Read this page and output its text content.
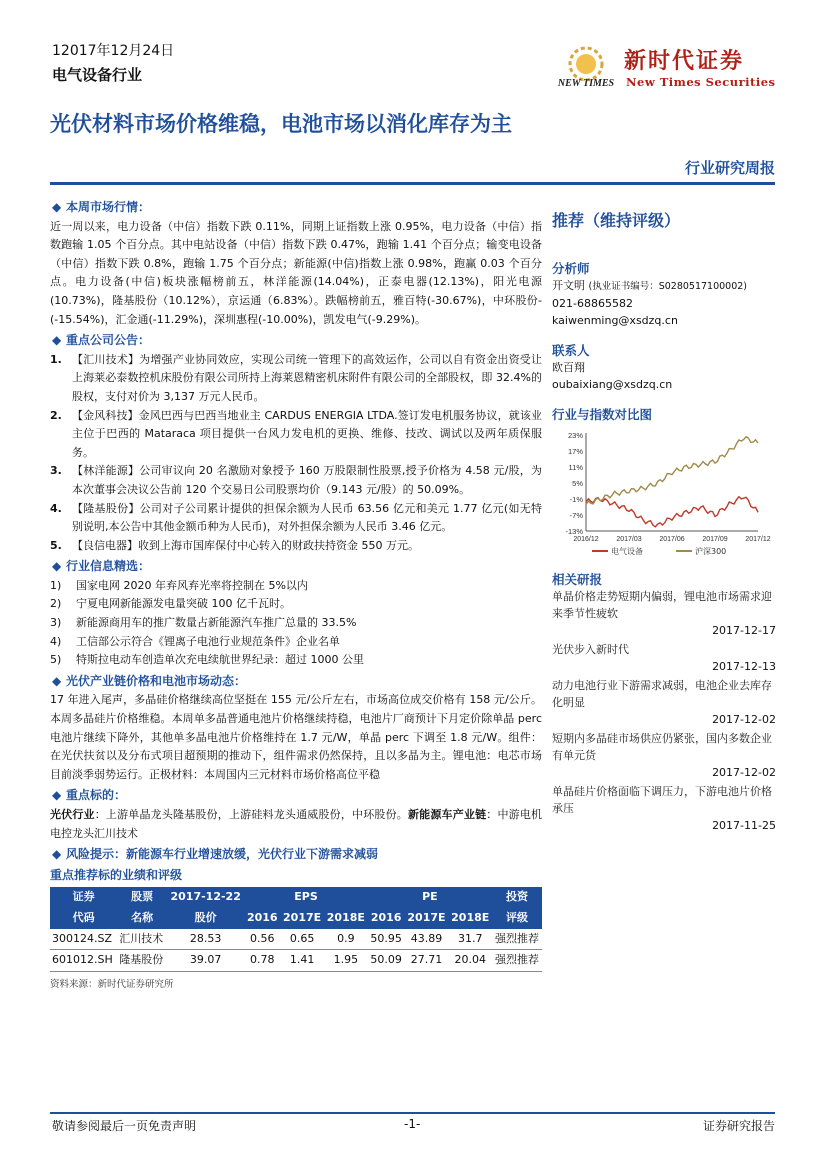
12017年12月24日
电气设备行业	NEW TIMES
新时代证券
New Times Securities
光伏材料市场价格维稳，电池市场以消化库存为主
行业研究周报
◆ 本周市场行情：

近一周以来，电力设备（中信）指数下跌 0.11%，同期上证指数上涨 0.95%，电力设备（中信）指数跑输 1.05 个百分点。其中电站设备（中信）指数下跌 0.47%，跑输 1.41 个百分点；输变电设备（中信）指数下跌 0.8%，跑输 1.75 个百分点；新能源(中信)指数上涨 0.98%，跑赢 0.03 个百分点。电力设备(中信)板块涨幅榜前五，林洋能源(14.04%)，正泰电器(12.13%)，阳光电源(10.73%)，隆基股份（10.12%），京运通（6.83%）。跌幅榜前五，雅百特(-30.67%)，中环股份-(-15.54%)，汇金通(-11.29%)，深圳惠程(-10.00%)，凯发电气(-9.29%)。

◆ 重点公司公告：
1. 【汇川技术】为增强产业协同效应，实现公司统一管理下的高效运作，公司以自有资金出资受让上海莱必泰数控机床股份有限公司所持上海莱恩精密机床附件有限公司的全部股权，即 32.4%的股权，支付对价为 3,137 万元人民币。
2. 【金风科技】金风巴西与巴西当地业主 CARDUS ENERGIA LTDA.签订发电机服务协议，就该业主位于巴西的 Mataraca 项目提供一台风力发电机的更换、维修、技改、调试以及两年质保服务。
3. 【林洋能源】公司审议向 20 名激励对象授予 160 万股限制性股票,授予价格为 4.58 元/股，为本次董事会决议公告前 120 个交易日公司股票均价（9.143 元/股）的 50.09%。
4. 【隆基股份】公司对子公司累计提供的担保余额为人民币 63.56 亿元和美元 1.77 亿元(如无特别说明,本公告中其他金额币种为人民币)，对外担保余额为人民币 3.46 亿元。
5. 【良信电器】收到上海市国库保付中心转入的财政扶持资金 550 万元。
◆ 行业信息精选：
1)	国家电网 2020 年弃风弃光率将控制在 5%以内
2)	宁夏电网新能源发电量突破 100 亿千瓦时。
3)	新能源商用车的推广数量占新能源汽车推广总量的 33.5%
4)	工信部公示符合《锂离子电池行业规范条件》企业名单
5)	特斯拉电动车创造单次充电续航世界纪录：超过 1000 公里
◆ 光伏产业链价格和电池市场动态：

17 年进入尾声，多晶硅价格继续高位坚挺在 155 元/公斤左右，市场高位成交价格有 158 元/公斤。本周多晶硅片价格维稳。本周单多晶普通电池片价格继续持稳，电池片厂商预计下月定价除单晶 perc 电池片继续下降外，其他单多晶电池片价格维持在 1.7 元/W，单晶 perc 下调至 1.8 元/W。组件：在光伏扶贫以及分布式项目超预期的推动下，组件需求仍然保持，且以多晶为主。锂电池：电芯市场目前淡季弱势运行。正极材料：本周国内三元材料市场价格高位平稳

◆ 重点标的：

光伏行业：上游单晶龙头隆基股份，上游硅料龙头通威股份，中环股份。新能源车产业链：中游电机电控龙头汇川技术

◆ 风险提示：新能源车行业增速放缓，光伏行业下游需求减弱
重点推荐标的业绩和评级
证券	股票	2017-12-22	EPS			PE			投资
代码	名称	股价	2016	2017E	2018E	2016	2017E	2018E	评级
300124.SZ	汇川技术	28.53	0.56	0.65	0.9	50.95	43.89	31.7	强烈推荐
601012.SH	隆基股份	39.07	0.78	1.41	1.95	50.09	27.71	20.04	强烈推荐
资料来源：新时代证券研究所
推荐（维持评级）
分析师
开文明 (执业证书编号：S0280517100002)
021-68865582
kaiwenming@xsdzq.cn
联系人
欧百翔
oubaixiang@xsdzq.cn
行业与指数对比图
23%
17%
11%
5%
-1%
-7%
-13%
2016/12	2017/03	2017/06	2017/09	2017/12
电气设备	沪深300
相关研报
单晶价格走势短期内偏弱，锂电池市场需求迎来季节性疲软
2017-12-17
光伏步入新时代
2017-12-13
动力电池行业下游需求减弱，电池企业去库存化明显
2017-12-02
短期内多晶硅市场供应仍紧张，国内多数企业有单元货
2017-12-02
单晶硅片价格面临下调压力，下游电池片价格承压
2017-11-25
敬请参阅最后一页免责声明	-1-	证券研究报告
